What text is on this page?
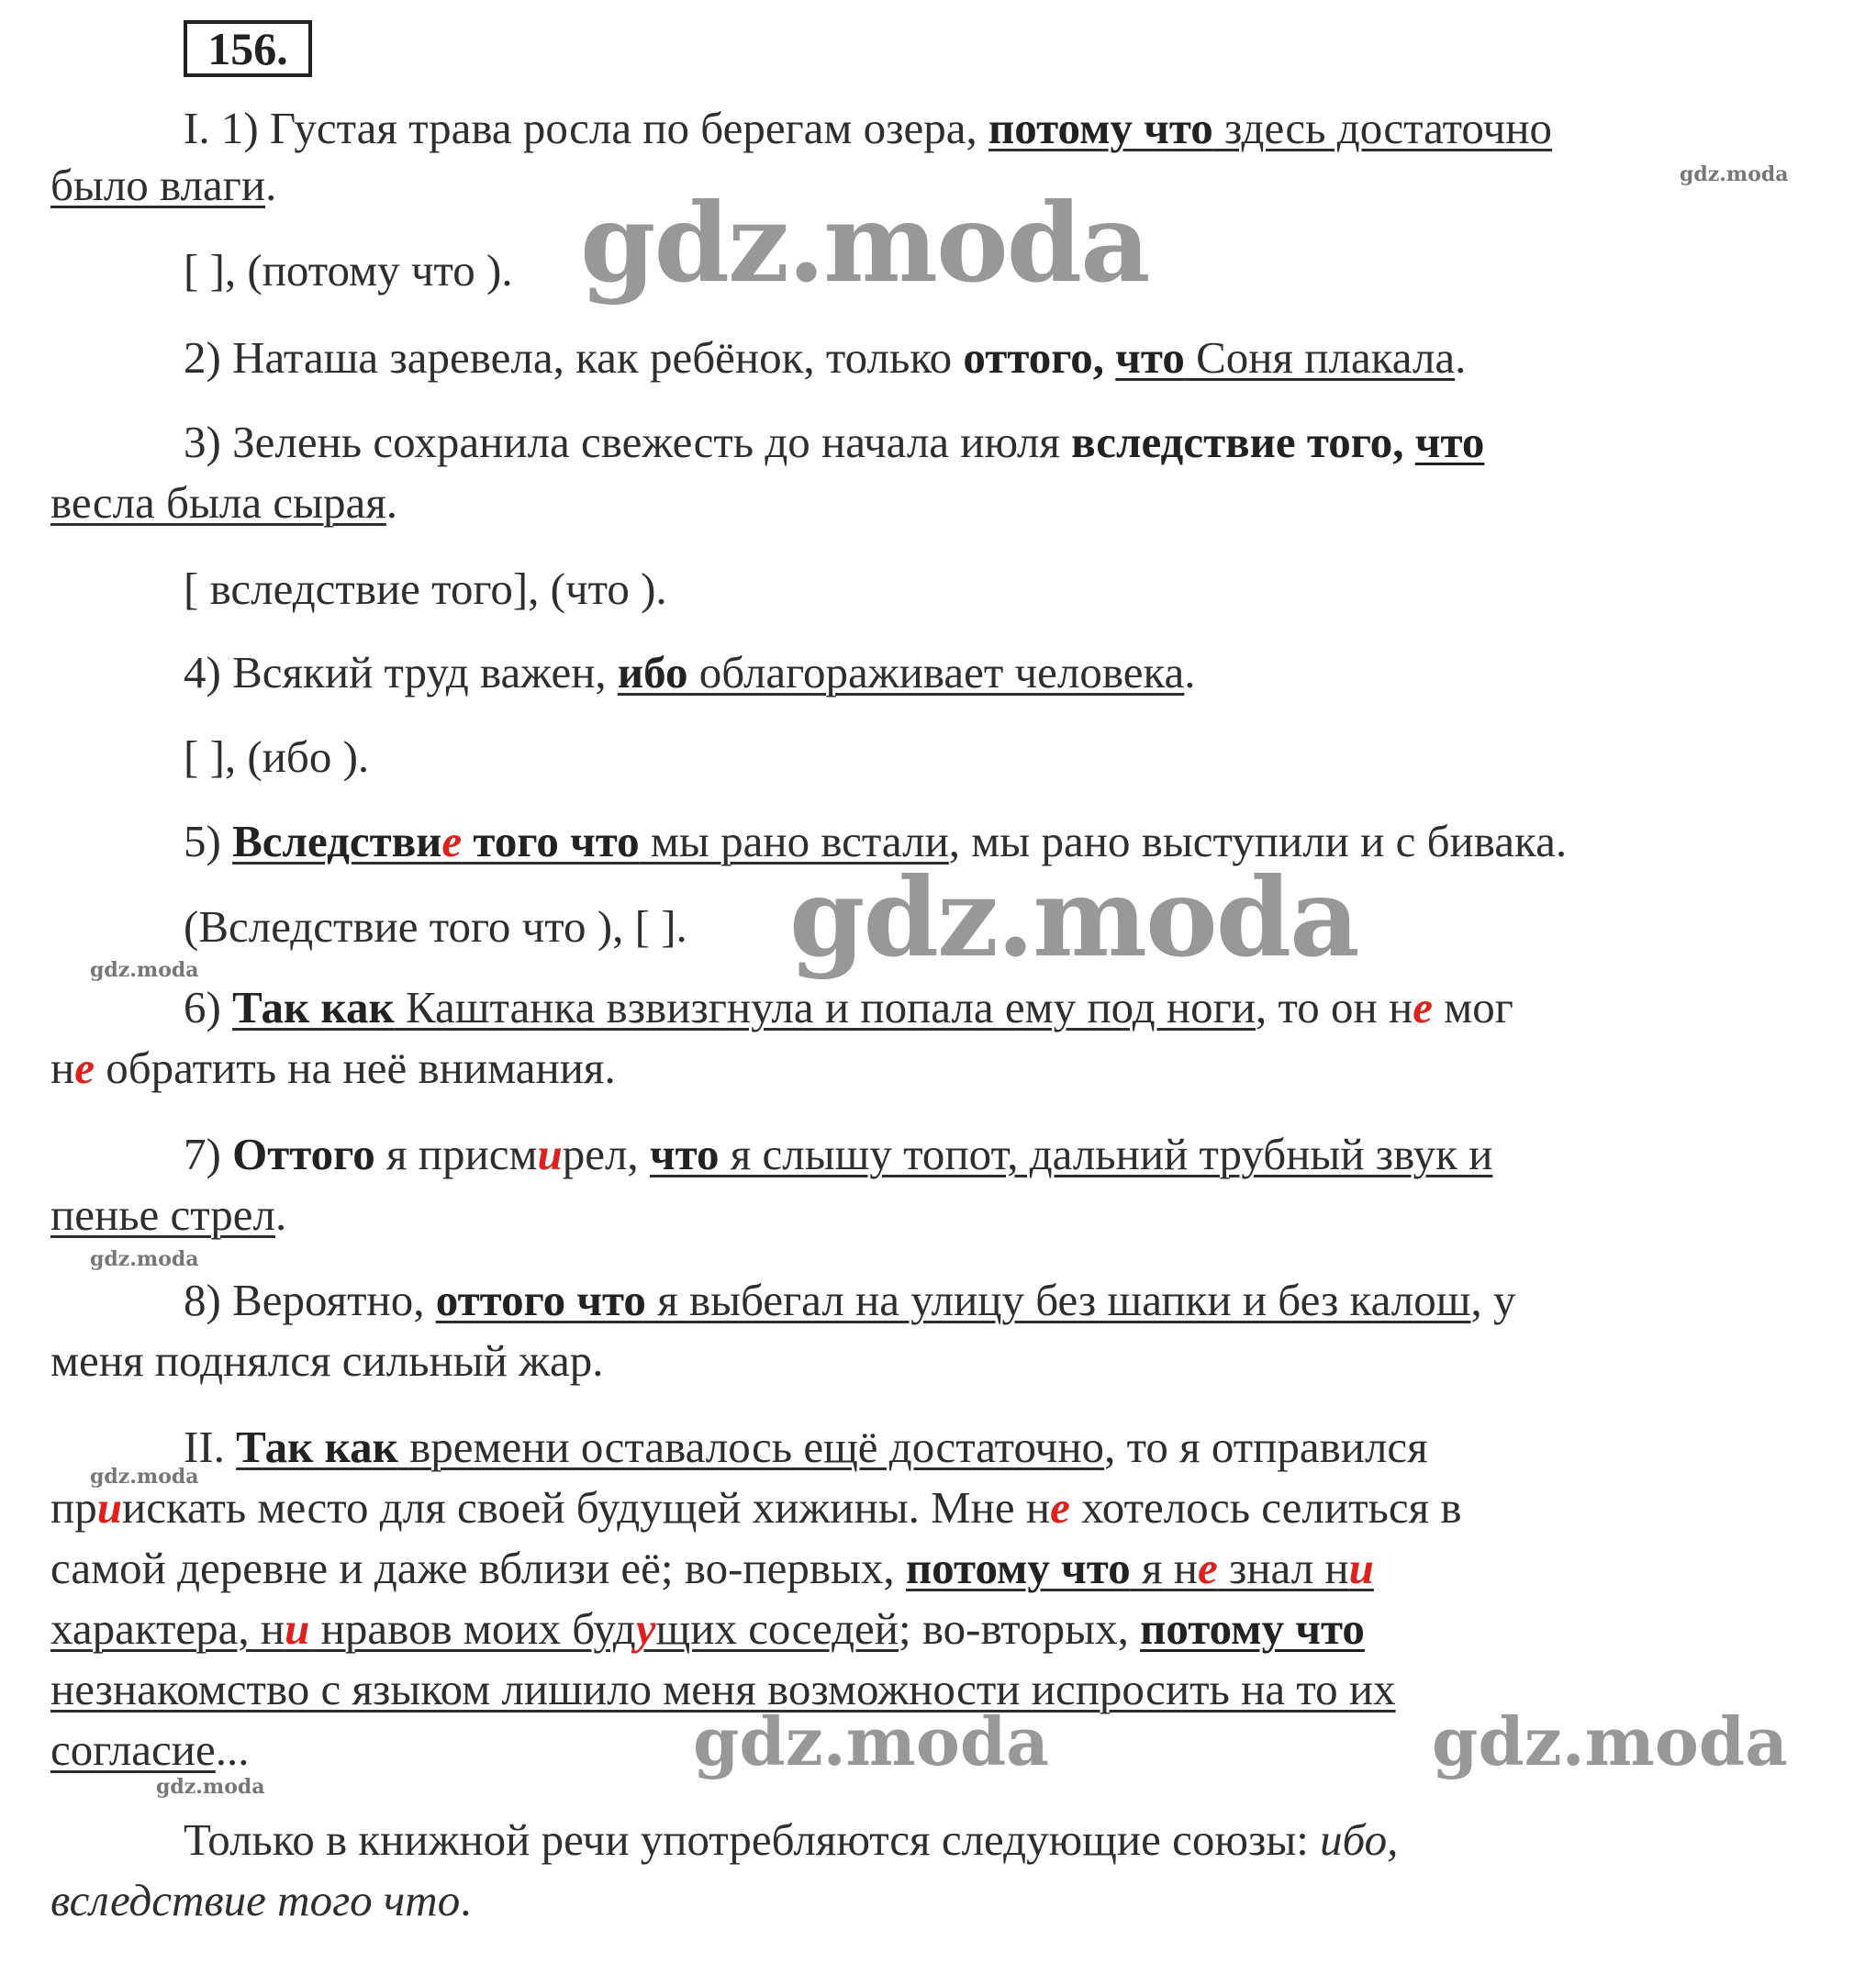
156.
I. 1) Густая трава росла по берегам озера, потому что здесь достаточно
было влаги.
[ ], (потому что ).
2) Наташа заревела, как ребёнок, только оттого, что Соня плакала.
3) Зелень сохранила свежесть до начала июля вследствие того, что
весла была сырая.
[ вследствие того], (что ).
4) Всякий труд важен, ибо облагораживает человека.
[ ], (ибо ).
5) Вследствие того что мы рано встали, мы рано выступили и с бивака.
(Вследствие того что ), [ ].
6) Так как Каштанка взвизгнула и попала ему под ноги, то он не мог
не обратить на неё внимания.
7) Оттого я присмирел, что я слышу топот, дальний трубный звук и
пенье стрел.
8) Вероятно, оттого что я выбегал на улицу без шапки и без калош, у
меня поднялся сильный жар.
II. Так как времени оставалось ещё достаточно, то я отправился
приискать место для своей будущей хижины. Мне не хотелось селиться в
самой деревне и даже вблизи её; во-первых, потому что я не знал ни
характера, ни нравов моих будущих соседей; во-вторых, потому что
незнакомство с языком лишило меня возможности испросить на то их
согласие...
Только в книжной речи употребляются следующие союзы: ибо,
вследствие того что.
gdz.moda
gdz.moda
gdz.moda	gdz.moda
gdz.moda
gdz.moda
gdz.moda
gdz.moda
gdz.moda
